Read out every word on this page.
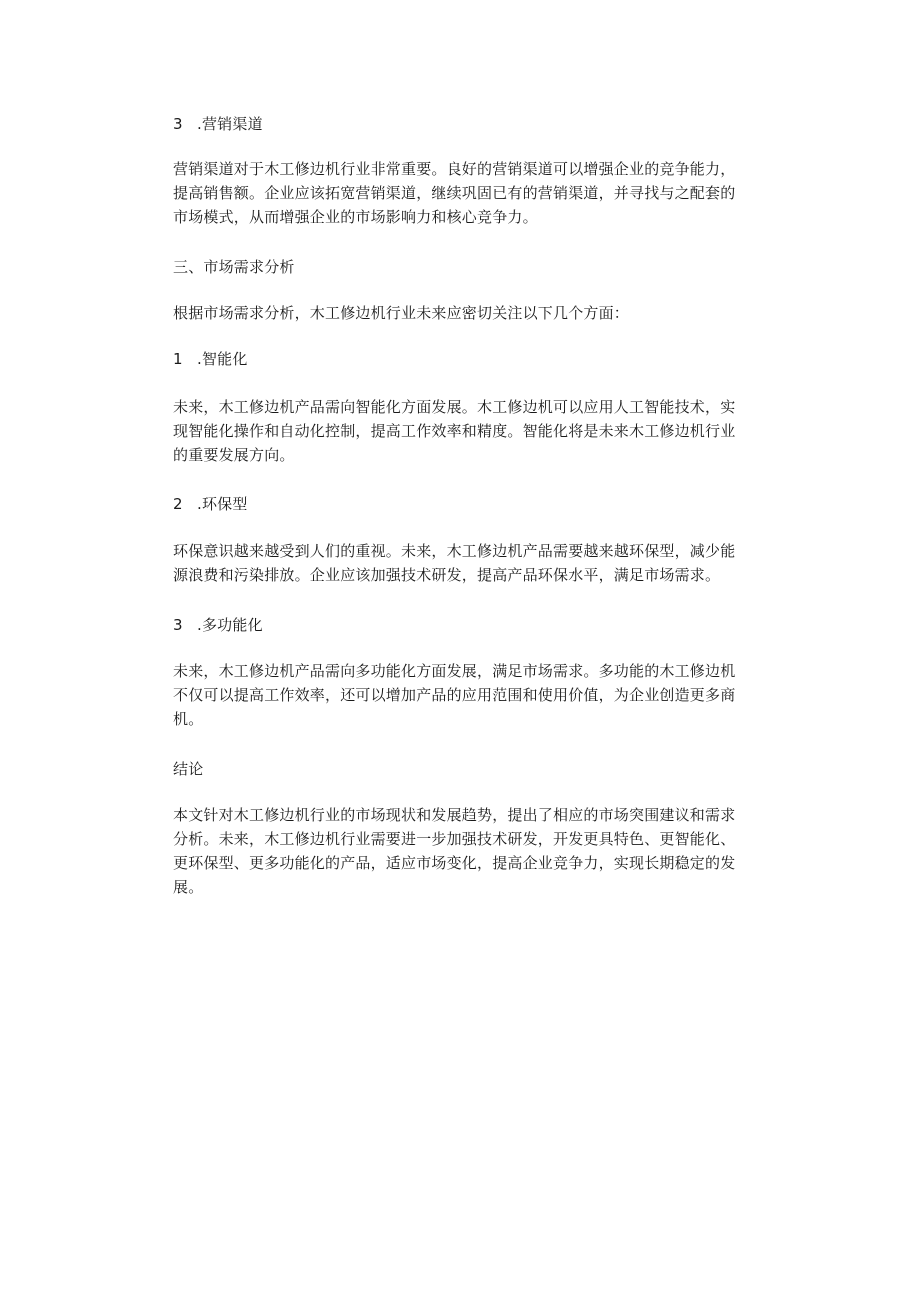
3 .营销渠道
营销渠道对于木工修边机行业非常重要。良好的营销渠道可以增强企业的竞争能力，
提高销售额。企业应该拓宽营销渠道，继续巩固已有的营销渠道，并寻找与之配套的
市场模式，从而增强企业的市场影响力和核心竞争力。
三、市场需求分析
根据市场需求分析，木工修边机行业未来应密切关注以下几个方面：
1 .智能化
未来，木工修边机产品需向智能化方面发展。木工修边机可以应用人工智能技术，实
现智能化操作和自动化控制，提高工作效率和精度。智能化将是未来木工修边机行业
的重要发展方向。
2 .环保型
环保意识越来越受到人们的重视。未来，木工修边机产品需要越来越环保型，减少能
源浪费和污染排放。企业应该加强技术研发，提高产品环保水平，满足市场需求。
3 .多功能化
未来，木工修边机产品需向多功能化方面发展，满足市场需求。多功能的木工修边机
不仅可以提高工作效率，还可以增加产品的应用范围和使用价值，为企业创造更多商
机。
结论
本文针对木工修边机行业的市场现状和发展趋势，提出了相应的市场突围建议和需求
分析。未来，木工修边机行业需要进一步加强技术研发，开发更具特色、更智能化、
更环保型、更多功能化的产品，适应市场变化，提高企业竞争力，实现长期稳定的发
展。
